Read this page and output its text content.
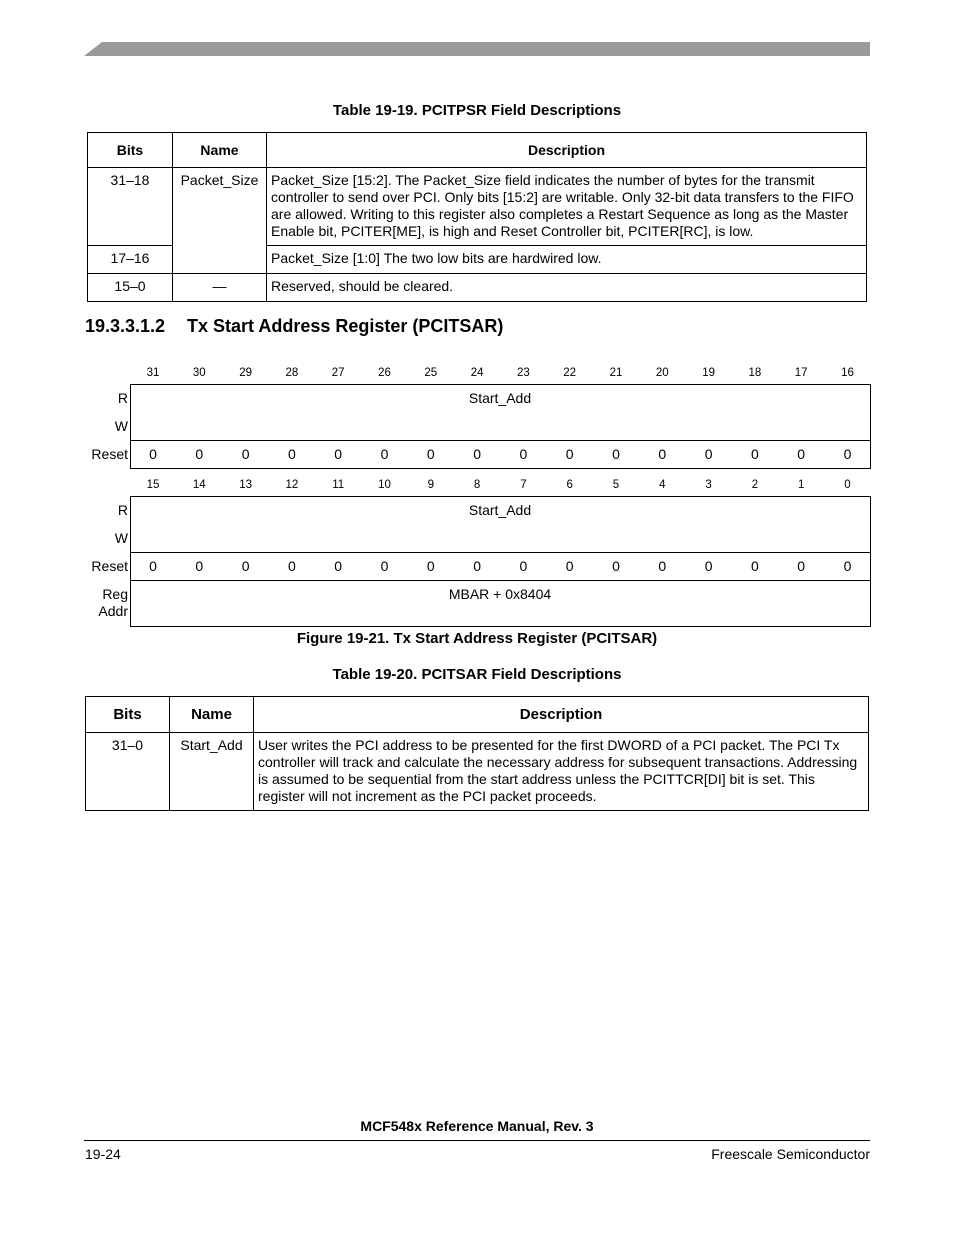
Table 19-19. PCITPSR Field Descriptions
Bits	Name	Description
31–18	Packet_Size	Packet_Size [15:2]. The Packet_Size field indicates the number of bytes for the transmit controller to send over PCI. Only bits [15:2] are writable. Only 32-bit data transfers to the FIFO are allowed. Writing to this register also completes a Restart Sequence as long as the Master Enable bit, PCITER[ME], is high and Reset Controller bit, PCITER[RC], is low.
17–16		Packet_Size [1:0] The two low bits are hardwired low.
15–0	—	Reserved, should be cleared.
19.3.3.1.2 Tx Start Address Register (PCITSAR)
31	30	29	28	27	26	25	24	23	22	21	20	19	18	17	16
R
W
Reset
Start_Add
0	0	0	0	0	0	0	0	0	0	0	0	0	0	0	0
15	14	13	12	11	10	9	8	7	6	5	4	3	2	1	0
R
W
Reset
Start_Add
0	0	0	0	0	0	0	0	0	0	0	0	0	0	0	0
Reg
Addr
MBAR + 0x8404
Figure 19-21. Tx Start Address Register (PCITSAR)
Table 19-20. PCITSAR Field Descriptions
Bits	Name	Description
31–0	Start_Add	User writes the PCI address to be presented for the first DWORD of a PCI packet. The PCI Tx controller will track and calculate the necessary address for subsequent transactions. Addressing is assumed to be sequential from the start address unless the PCITTCR[DI] bit is set. This register will not increment as the PCI packet proceeds.
MCF548x Reference Manual, Rev. 3
19-24	Freescale Semiconductor
